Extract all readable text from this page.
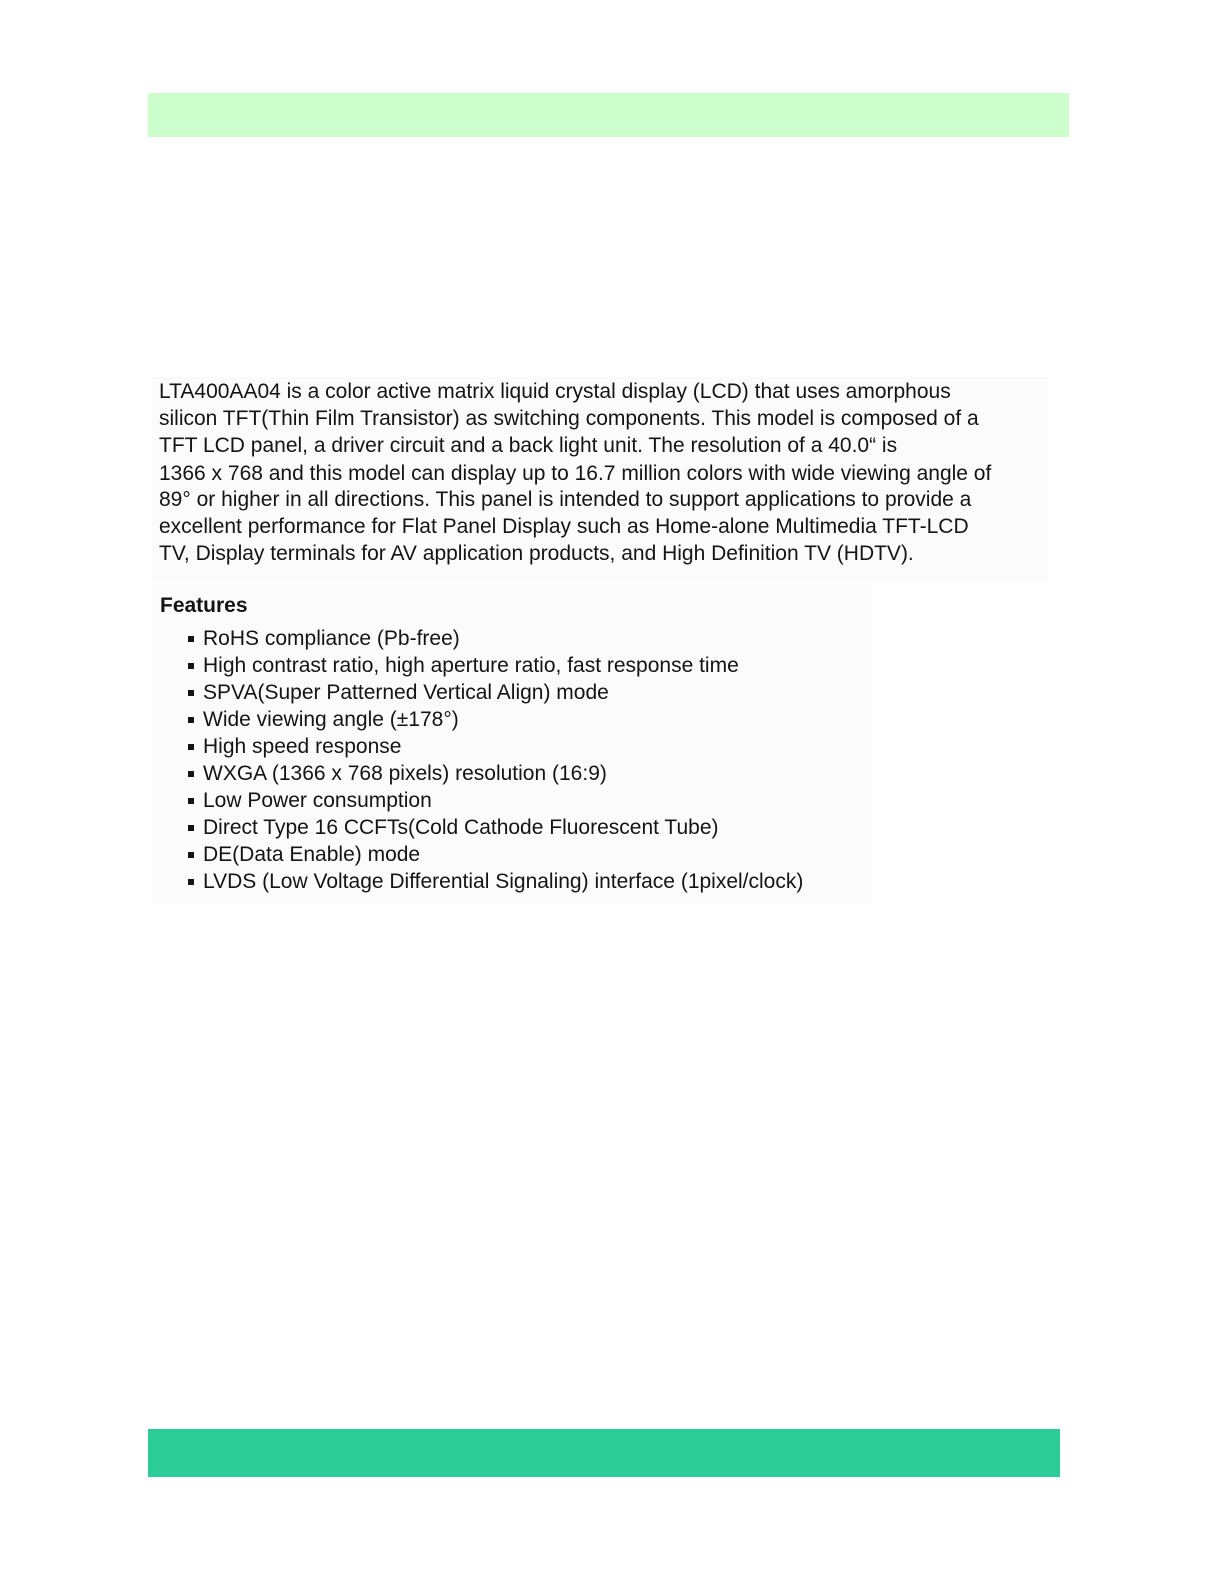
LTA400AA04 is a color active matrix liquid crystal display (LCD) that uses amorphous
silicon TFT(Thin Film Transistor) as switching components. This model is composed of a
TFT LCD panel, a driver circuit and a back light unit. The resolution of a 40.0“ is
1366 x 768 and this model can display up to 16.7 million colors with wide viewing angle of
89° or higher in all directions. This panel is intended to support applications to provide a
excellent performance for Flat Panel Display such as Home-alone Multimedia TFT-LCD
TV, Display terminals for AV application products, and High Definition TV (HDTV).
Features
RoHS compliance (Pb-free)
High contrast ratio, high aperture ratio, fast response time
SPVA(Super Patterned Vertical Align) mode
Wide viewing angle (±178°)
High speed response
WXGA (1366 x 768 pixels) resolution (16:9)
Low Power consumption
Direct Type 16 CCFTs(Cold Cathode Fluorescent Tube)
DE(Data Enable) mode
LVDS (Low Voltage Differential Signaling) interface (1pixel/clock)
